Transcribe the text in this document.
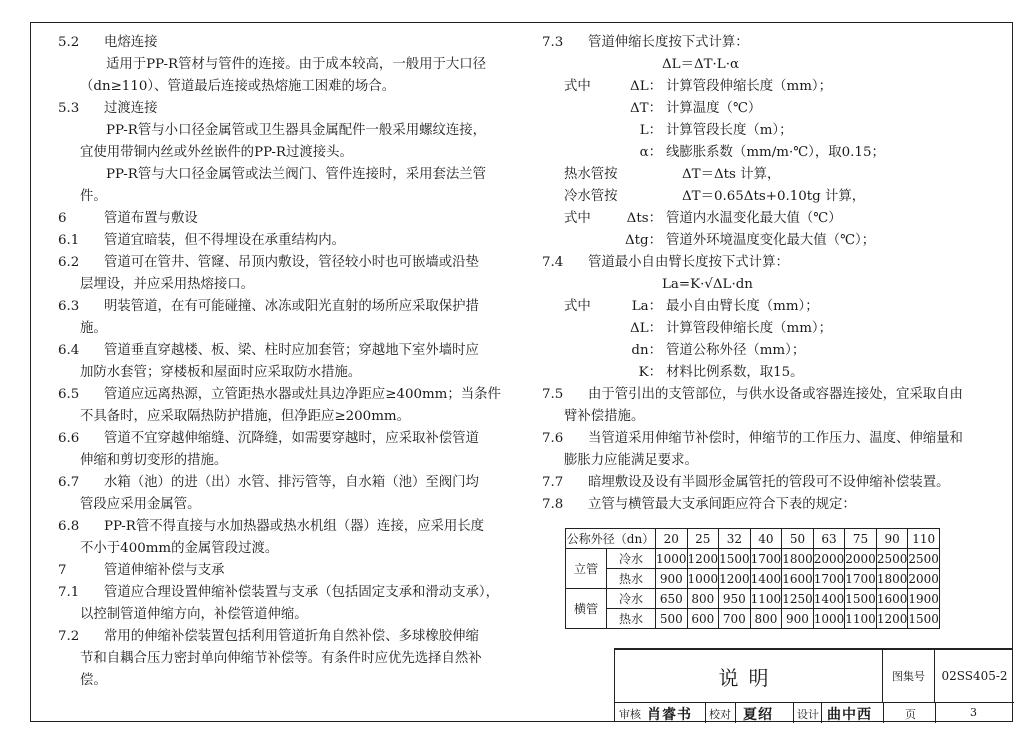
5.2 电熔连接
适用于PP-R管材与管件的连接。由于成本较高，一般用于大口径
（dn≥110）、管道最后连接或热熔施工困难的场合。
5.3 过渡连接
PP-R管与小口径金属管或卫生器具金属配件一般采用螺纹连接，
宜使用带铜内丝或外丝嵌件的PP-R过渡接头。
PP-R管与大口径金属管或法兰阀门、管件连接时，采用套法兰管
件。
6	管道布置与敷设
6.1 管道宜暗装，但不得埋设在承重结构内。
6.2 管道可在管井、管窿、吊顶内敷设，管径较小时也可嵌墙或沿垫
层埋设，并应采用热熔接口。
6.3 明装管道，在有可能碰撞、冰冻或阳光直射的场所应采取保护措
施。
6.4 管道垂直穿越楼、板、梁、柱时应加套管；穿越地下室外墙时应
加防水套管；穿楼板和屋面时应采取防水措施。
6.5 管道应远离热源，立管距热水器或灶具边净距应≥400mm；当条件
不具备时，应采取隔热防护措施，但净距应≥200mm。
6.6 管道不宜穿越伸缩缝、沉降缝，如需要穿越时，应采取补偿管道
伸缩和剪切变形的措施。
6.7 水箱（池）的进（出）水管、排污管等，自水箱（池）至阀门均
管段应采用金属管。
6.8 PP-R管不得直接与水加热器或热水机组（器）连接，应采用长度
不小于400mm的金属管段过渡。
7	管道伸缩补偿与支承
7.1 管道应合理设置伸缩补偿装置与支承（包括固定支承和滑动支承），
以控制管道伸缩方向，补偿管道伸缩。
7.2 常用的伸缩补偿装置包括利用管道折角自然补偿、多球橡胶伸缩
节和自耦合压力密封单向伸缩节补偿等。有条件时应优先选择自然补
偿。
7.3 管道伸缩长度按下式计算：
ΔL＝ΔT·L·α
式中	ΔL： 计算管段伸缩长度（mm）；
ΔT： 计算温度（℃）
L： 计算管段长度（m）；
α： 线膨胀系数（mm/m·℃），取0.15；
热水管按	ΔT＝Δts 计算，
冷水管按	ΔT＝0.65Δts+0.10tg 计算，
式中	Δts： 管道内水温变化最大值（℃）
Δtg： 管道外环境温度变化最大值（℃）；
7.4 管道最小自由臂长度按下式计算：
La=K·√ΔL·dn
式中	La： 最小自由臂长度（mm）；
ΔL： 计算管段伸缩长度（mm）；
dn： 管道公称外径（mm）；
K： 材料比例系数，取15。
7.5 由于管引出的支管部位，与供水设备或容器连接处，宜采取自由
臂补偿措施。
7.6 当管道采用伸缩节补偿时，伸缩节的工作压力、温度、伸缩量和
膨胀力应能满足要求。
7.7 暗埋敷设及设有半圆形金属管托的管段可不设伸缩补偿装置。
7.8 立管与横管最大支承间距应符合下表的规定：
公称外径（dn）		20	25	32	40	50	63	75	90	110
立管	冷水	1000	1200	1500	1700	1800	2000	2000	2500	2500
	热水	900	1000	1200	1400	1600	1700	1700	1800	2000
横管	冷水	650	800	950	1100	1250	1400	1500	1600	1900
	热水	500	600	700	800	900	1000	1100	1200	1500
说明	图集号	02SS405-2
审核 肖睿书 校对 夏绍 设计 曲中西	页	3
